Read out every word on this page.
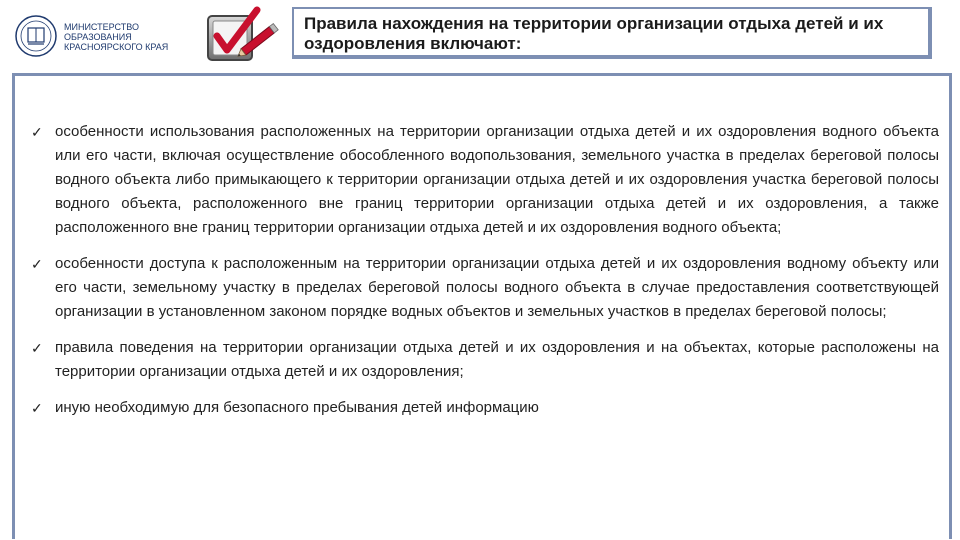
МИНИСТЕРСТВО
ОБРАЗОВАНИЯ
КРАСНОЯРСКОГО КРАЯ

Правила нахождения на территории организации отдыха детей и их оздоровления включают:

✓ особенности использования расположенных на территории организации отдыха детей и их оздоровления водного объекта или его части, включая осуществление обособленного водопользования, земельного участка в пределах береговой полосы водного объекта либо примыкающего к территории организации отдыха детей и их оздоровления участка береговой полосы водного объекта, расположенного вне границ территории организации отдыха детей и их оздоровления, а также расположенного вне границ территории организации отдыха детей и их оздоровления водного объекта;

✓ особенности доступа к расположенным на территории организации отдыха детей и их оздоровления водному объекту или его части, земельному участку в пределах береговой полосы водного объекта в случае предоставления соответствующей организации в установленном законом порядке водных объектов и земельных участков в пределах береговой полосы;

✓ правила поведения на территории организации отдыха детей и их оздоровления и на объектах, которые расположены на территории организации отдыха детей и их оздоровления;

✓ иную необходимую для безопасного пребывания детей информацию
